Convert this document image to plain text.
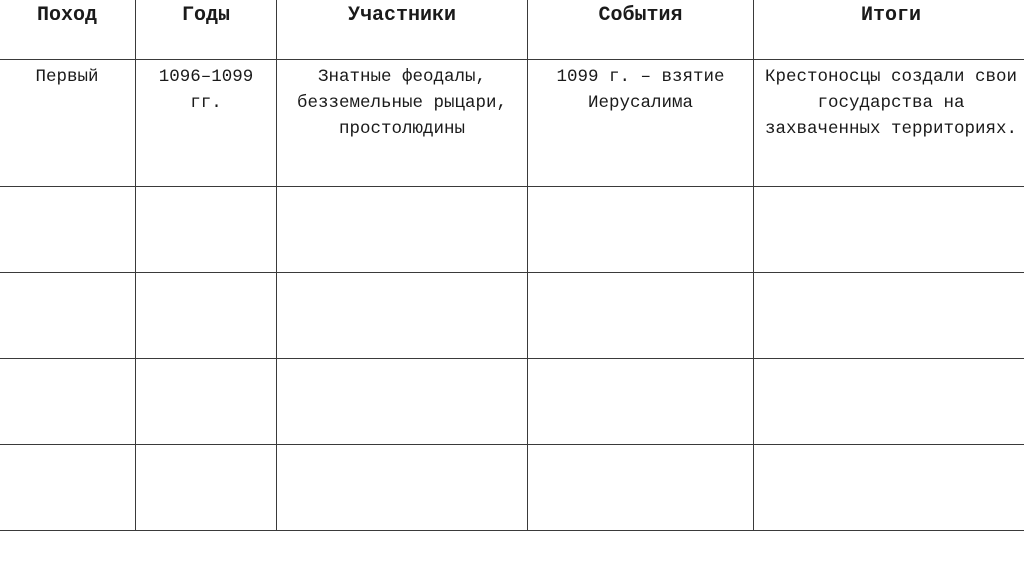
Поход	Годы	Участники	События	Итоги
Первый	1096–1099 гг.	Знатные феодалы, безземельные рыцари, простолюдины	1099 г. – взятие Иерусалима	Крестоносцы создали свои государства на захваченных территориях.
